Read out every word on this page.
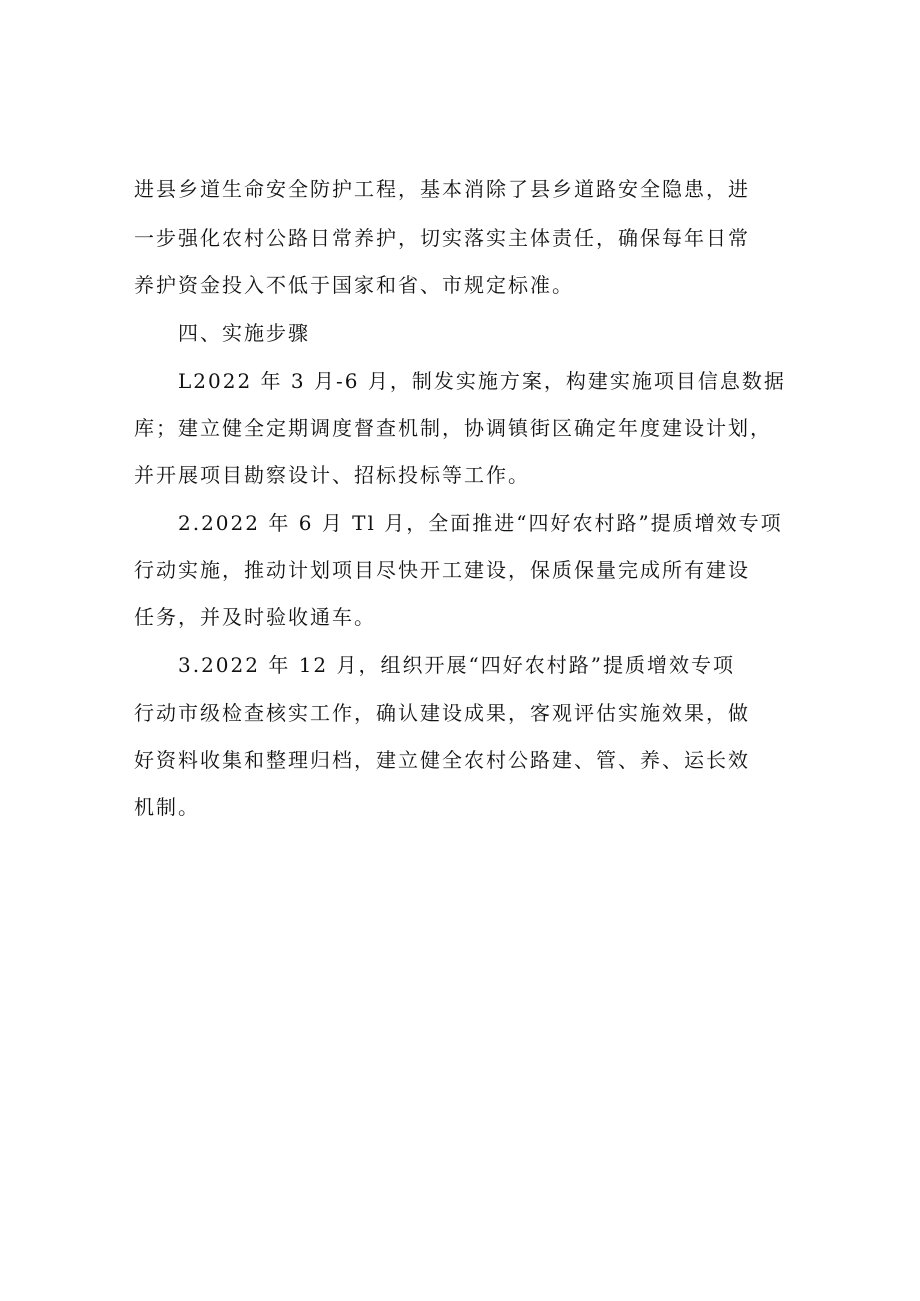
进县乡道生命安全防护工程，基本消除了县乡道路安全隐患，进
一步强化农村公路日常养护，切实落实主体责任，确保每年日常
养护资金投入不低于国家和省、市规定标准。
四、实施步骤
L2022 年 3 月-6 月，制发实施方案，构建实施项目信息数据
库；建立健全定期调度督查机制，协调镇街区确定年度建设计划，
并开展项目勘察设计、招标投标等工作。
2.2022 年 6 月 Tl 月，全面推进“四好农村路”提质增效专项
行动实施，推动计划项目尽快开工建设，保质保量完成所有建设
任务，并及时验收通车。
3.2022 年 12 月，组织开展“四好农村路”提质增效专项
行动市级检查核实工作，确认建设成果，客观评估实施效果，做
好资料收集和整理归档，建立健全农村公路建、管、养、运长效
机制。
